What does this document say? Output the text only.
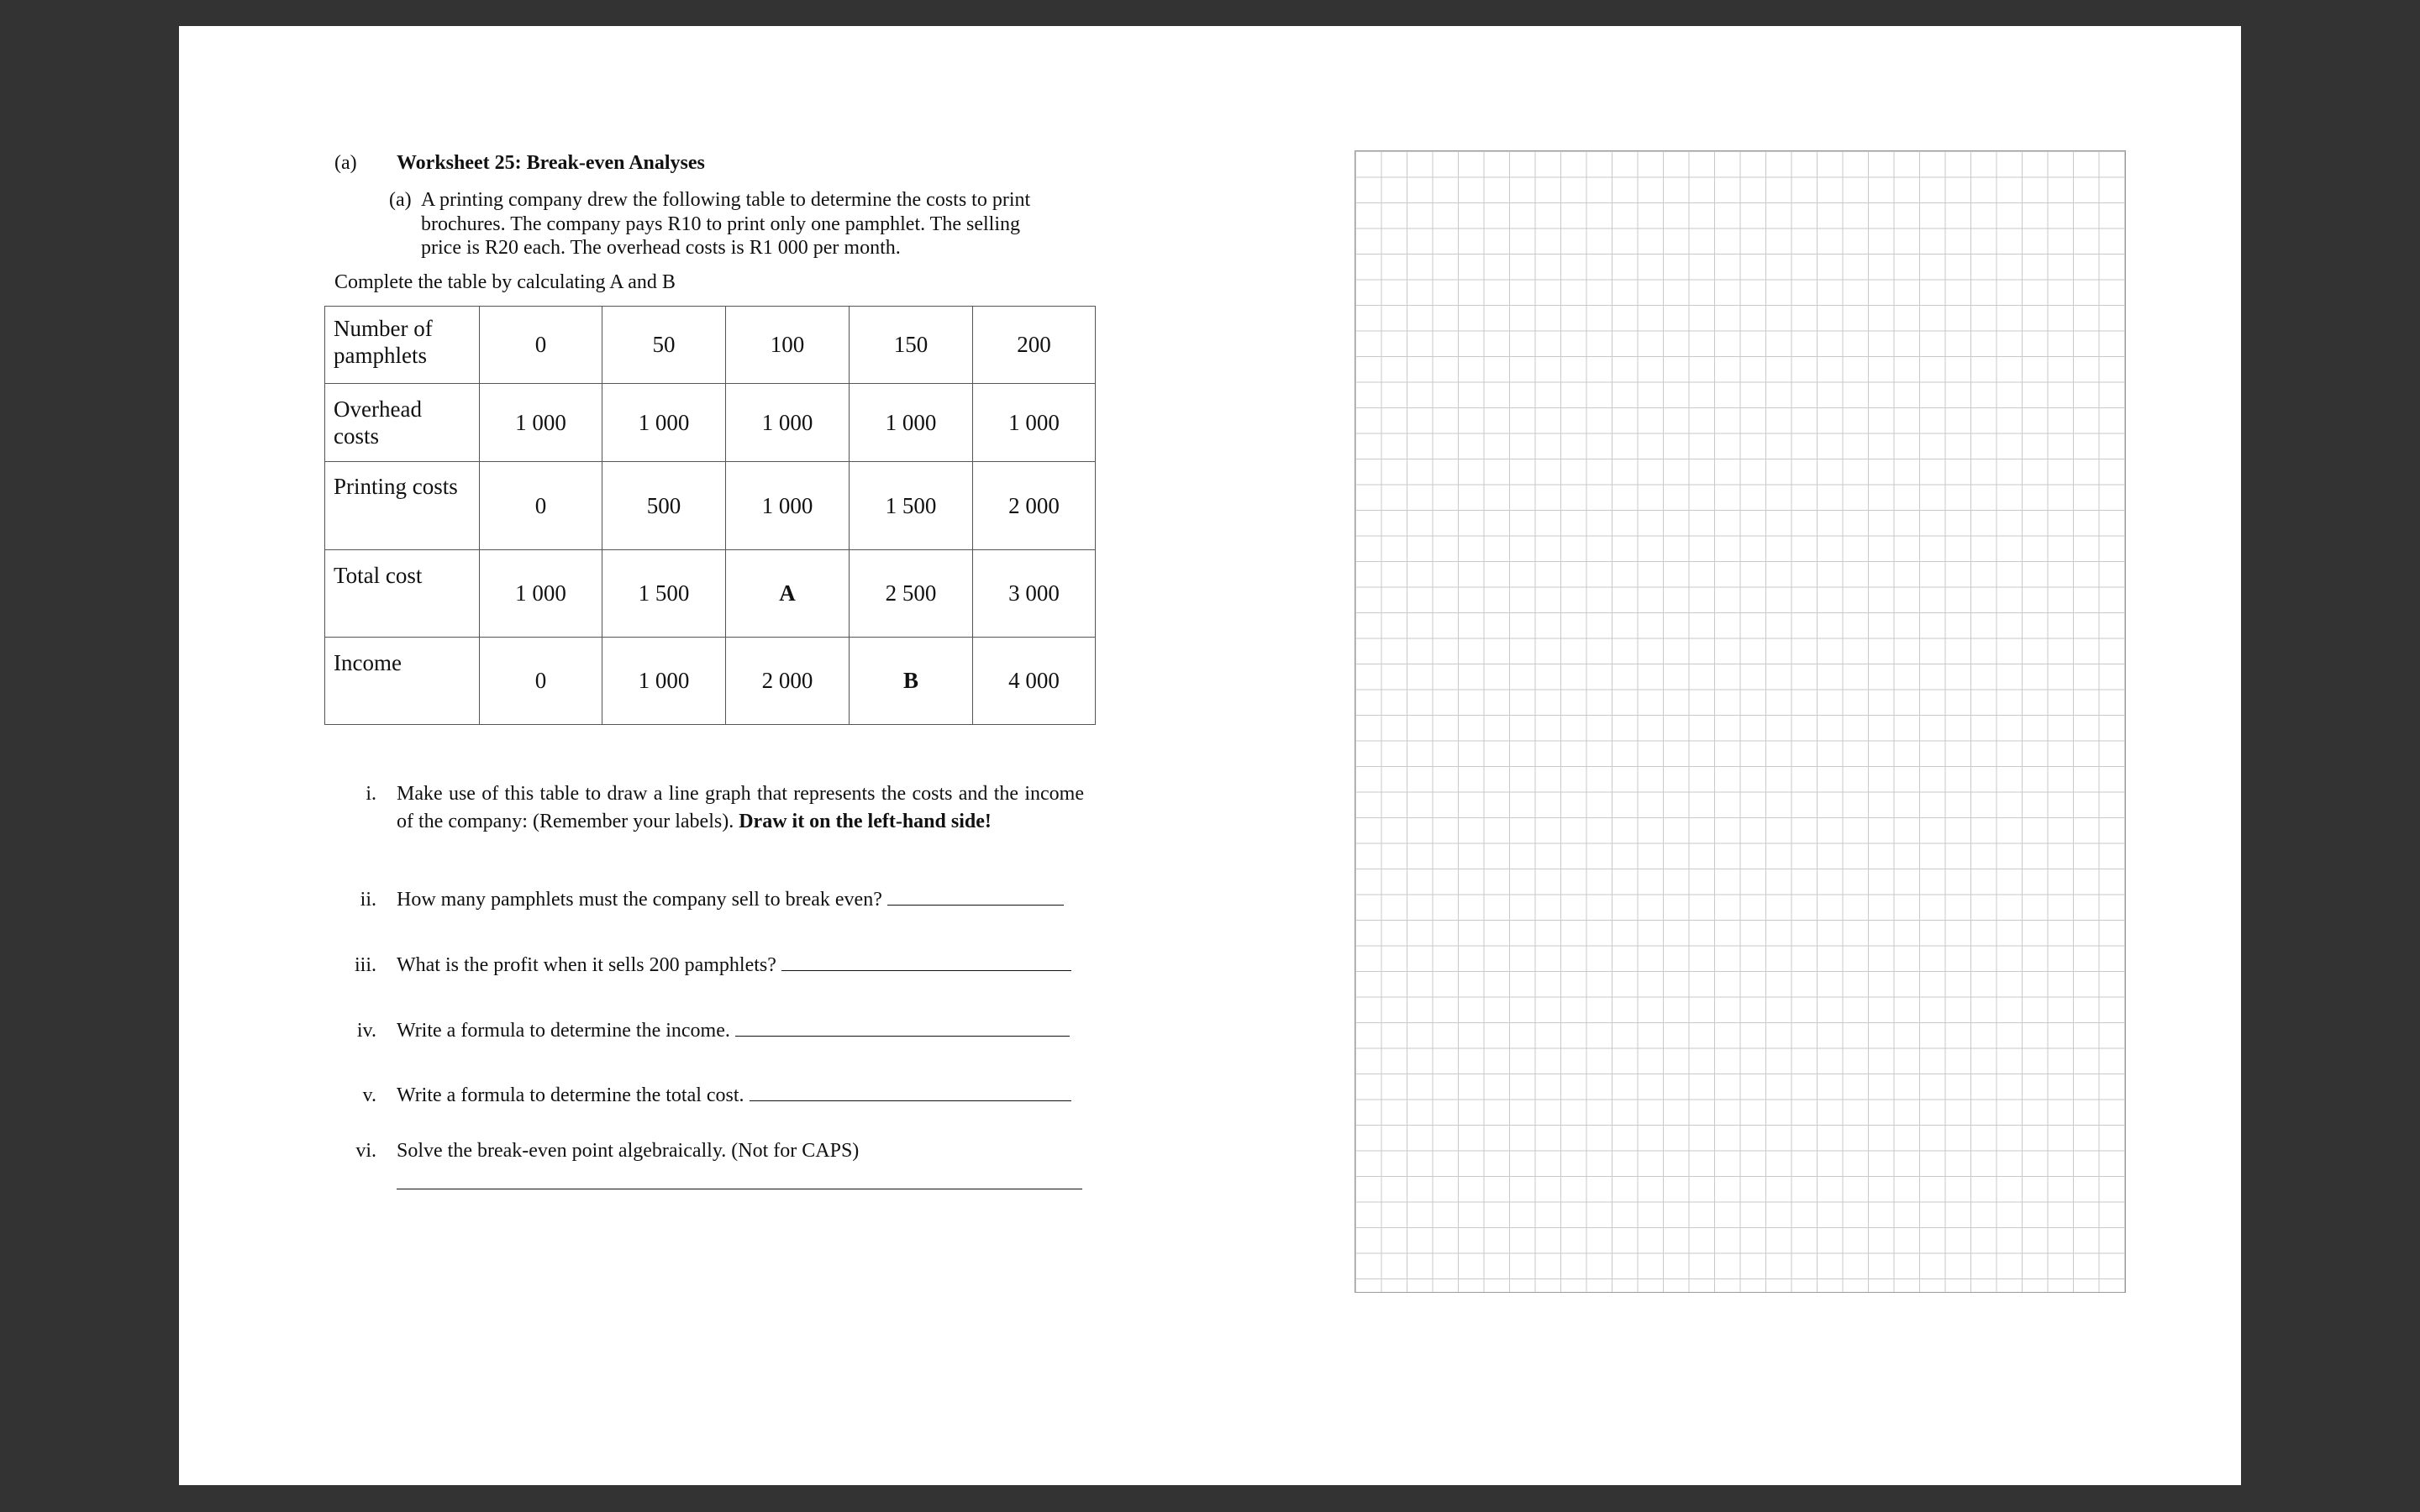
(a) Worksheet 25: Break-even Analyses
(a) A printing company drew the following table to determine the costs to print brochures. The company pays R10 to print only one pamphlet. The selling price is R20 each. The overhead costs is R1 000 per month.
Complete the table by calculating A and B
Number of pamphlets	0	50	100	150	200
Overhead costs	1 000	1 000	1 000	1 000	1 000
Printing costs	0	500	1 000	1 500	2 000
Total cost	1 000	1 500	A	2 500	3 000
Income	0	1 000	2 000	B	4 000
i. Make use of this table to draw a line graph that represents the costs and the income of the company: (Remember your labels). Draw it on the left-hand side!
ii. How many pamphlets must the company sell to break even?
iii. What is the profit when it sells 200 pamphlets?
iv. Write a formula to determine the income.
v. Write a formula to determine the total cost.
vi. Solve the break-even point algebraically. (Not for CAPS)
